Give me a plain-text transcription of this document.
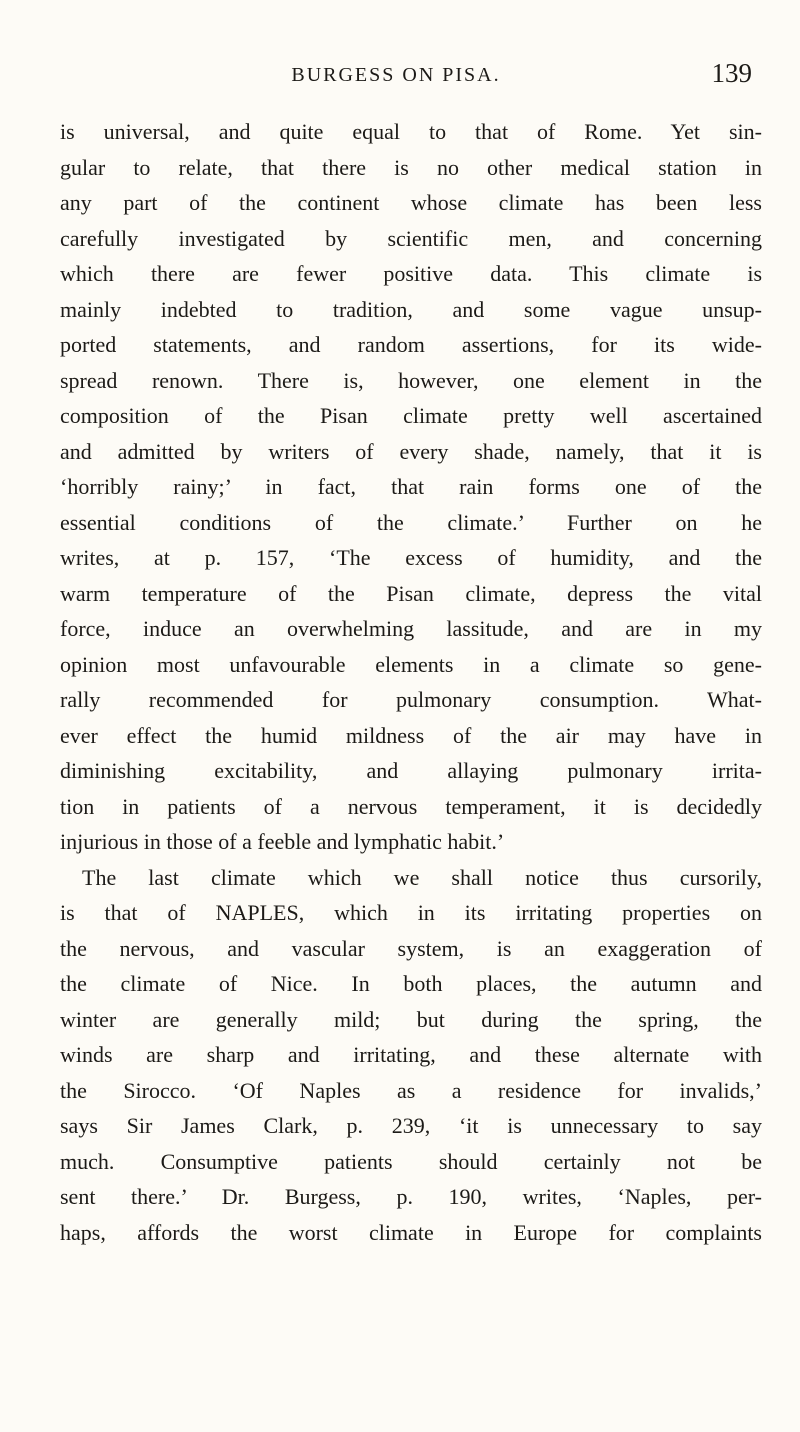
BURGESS ON PISA.	139
is universal, and quite equal to that of Rome. Yet sin-
gular to relate, that there is no other medical station in
any part of the continent whose climate has been less
carefully investigated by scientific men, and concerning
which there are fewer positive data. This climate is
mainly indebted to tradition, and some vague unsup-
ported statements, and random assertions, for its wide-
spread renown. There is, however, one element in the
composition of the Pisan climate pretty well ascertained
and admitted by writers of every shade, namely, that it is
‘horribly rainy;’ in fact, that rain forms one of the
essential conditions of the climate.’ Further on he
writes, at p. 157, ‘The excess of humidity, and the
warm temperature of the Pisan climate, depress the vital
force, induce an overwhelming lassitude, and are in my
opinion most unfavourable elements in a climate so gene-
rally recommended for pulmonary consumption. What-
ever effect the humid mildness of the air may have in
diminishing excitability, and allaying pulmonary irrita-
tion in patients of a nervous temperament, it is decidedly
injurious in those of a feeble and lymphatic habit.’
The last climate which we shall notice thus cursorily,
is that of NAPLES, which in its irritating properties on
the nervous, and vascular system, is an exaggeration of
the climate of Nice. In both places, the autumn and
winter are generally mild; but during the spring, the
winds are sharp and irritating, and these alternate with
the Sirocco. ‘Of Naples as a residence for invalids,’
says Sir James Clark, p. 239, ‘it is unnecessary to say
much. Consumptive patients should certainly not be
sent there.’ Dr. Burgess, p. 190, writes, ‘Naples, per-
haps, affords the worst climate in Europe for complaints
